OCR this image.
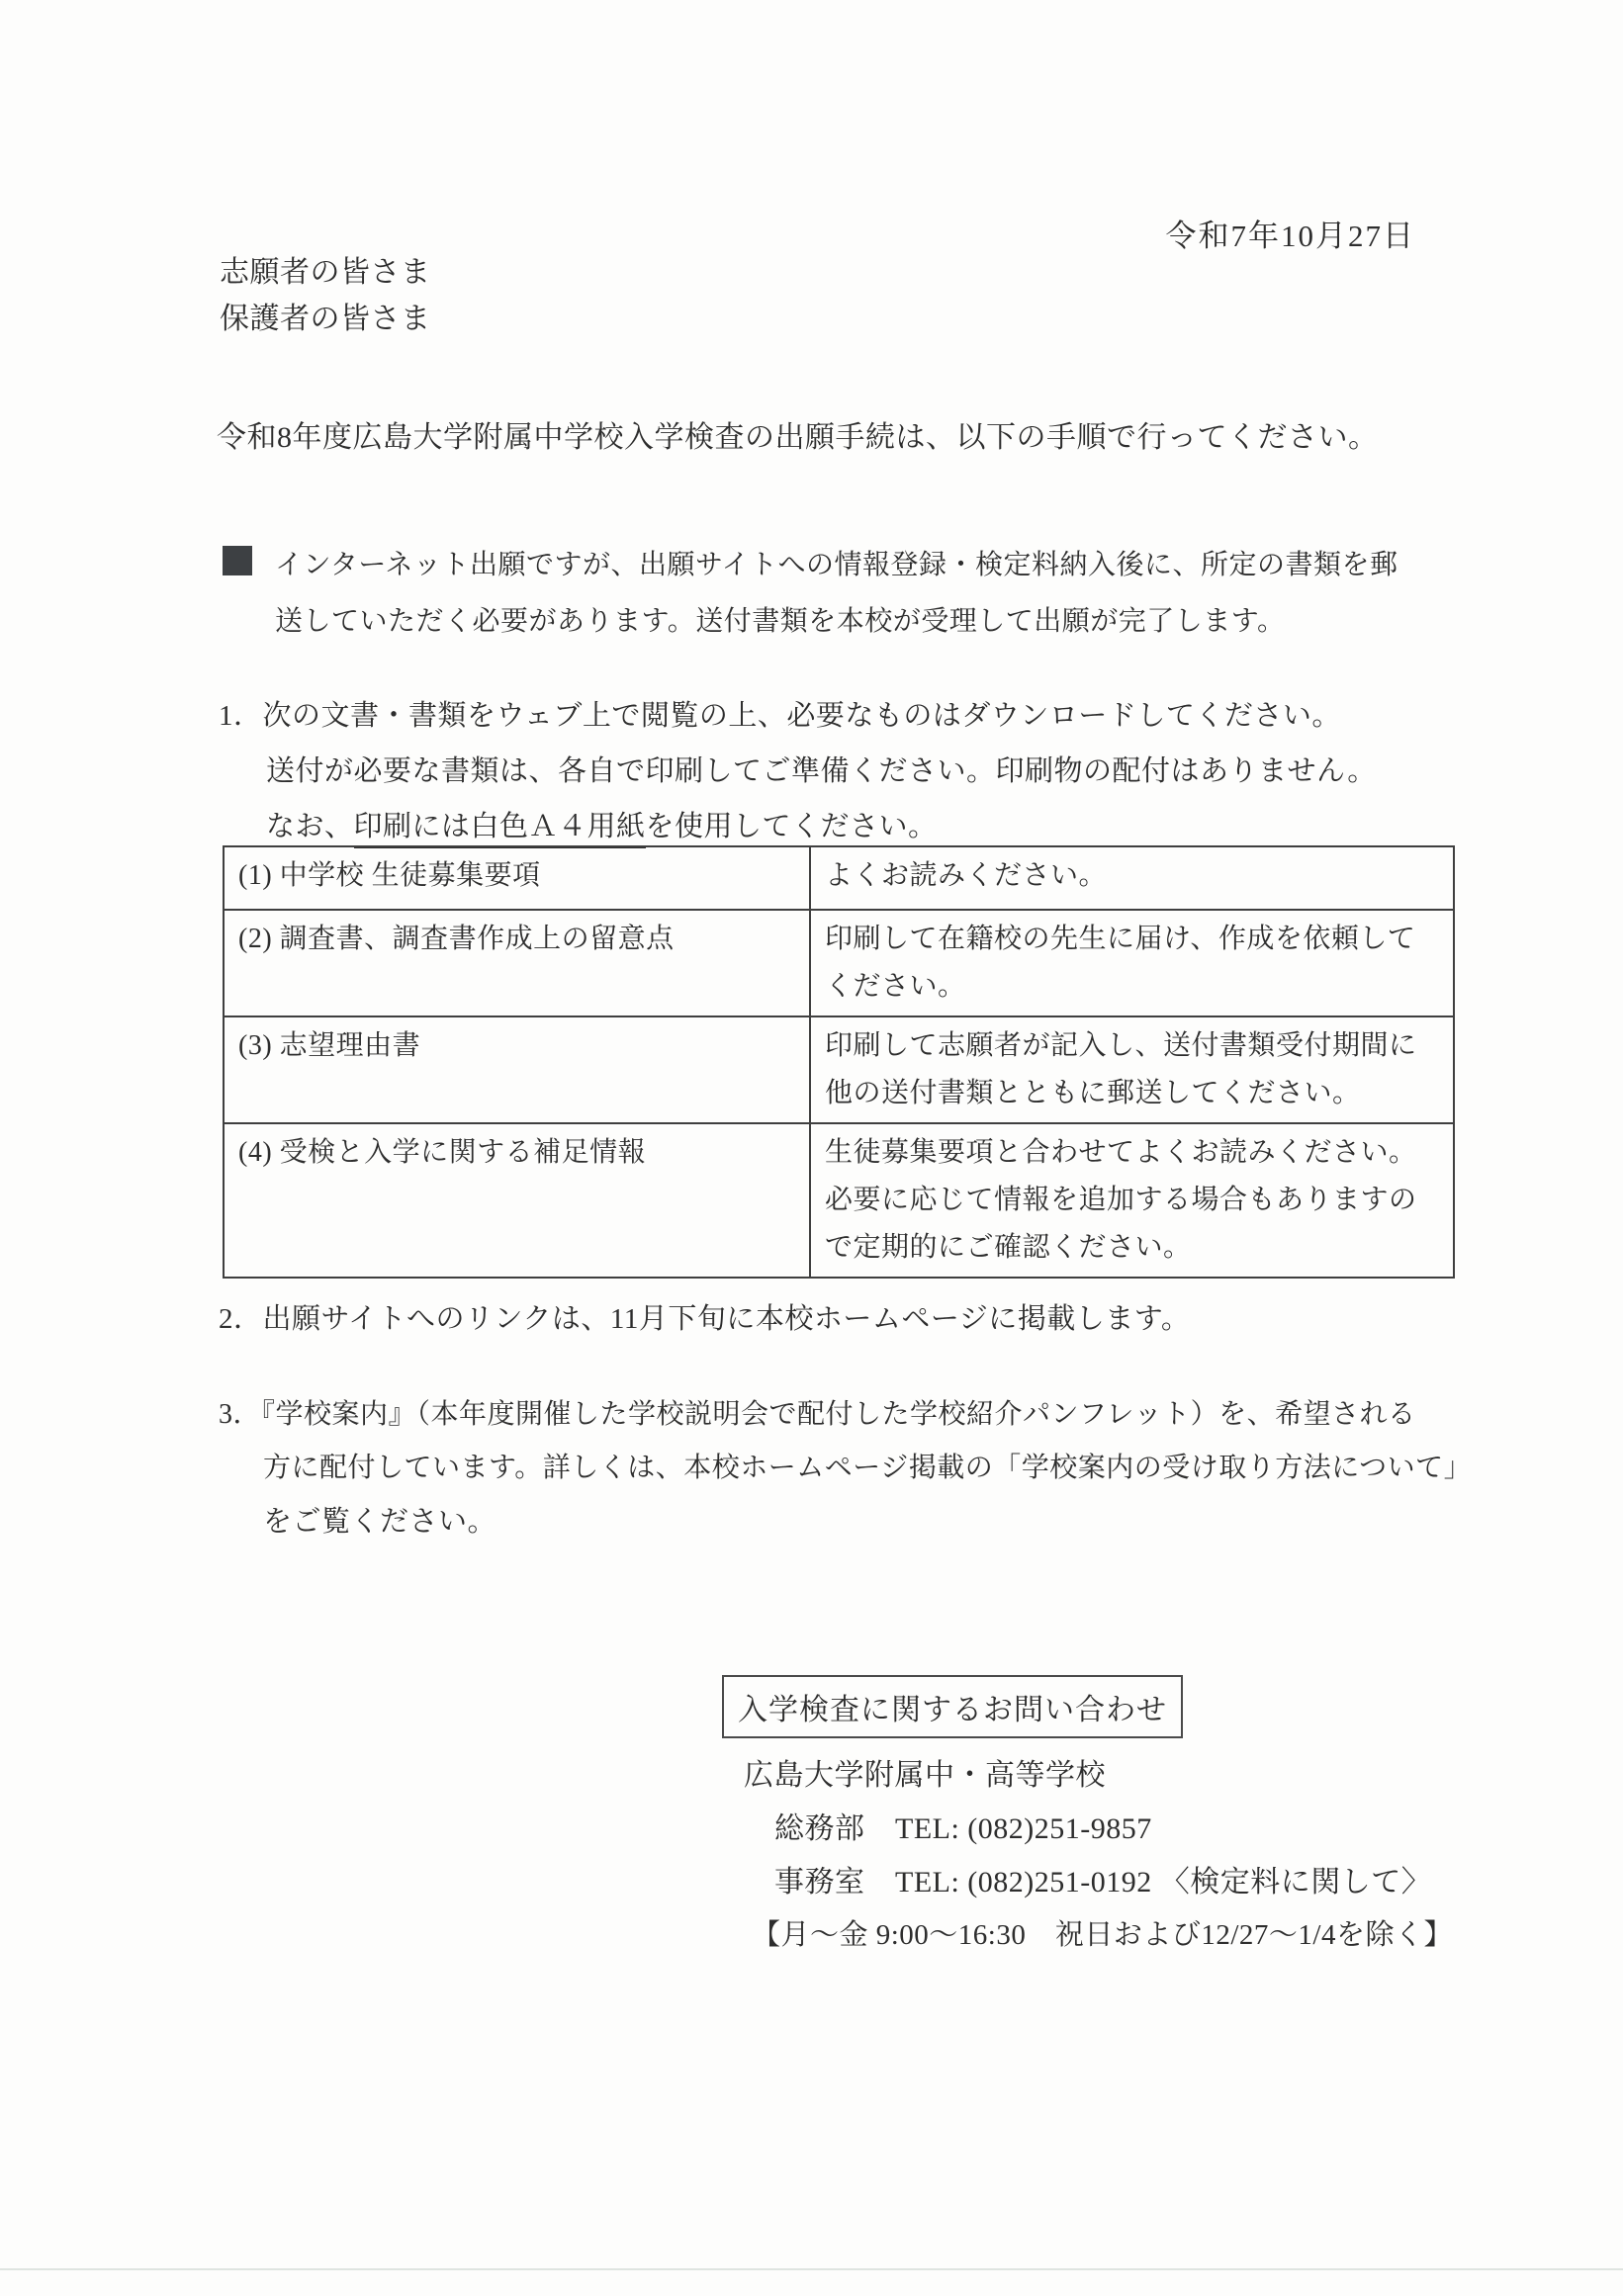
令和7年10月27日
志願者の皆さま
保護者の皆さま
令和8年度広島大学附属中学校入学検査の出願手続は、以下の手順で行ってください。
インターネット出願ですが、出願サイトへの情報登録・検定料納入後に、所定の書類を郵
送していただく必要があります。送付書類を本校が受理して出願が完了します。
1．次の文書・書類をウェブ上で閲覧の上、必要なものはダウンロードしてください。
送付が必要な書類は、各自で印刷してご準備ください。印刷物の配付はありません。
なお、印刷には白色Ａ４用紙を使用してください。
(1) 中学校 生徒募集要項	よくお読みください。
(2) 調査書、調査書作成上の留意点	印刷して在籍校の先生に届け、作成を依頼してください。
(3) 志望理由書	印刷して志願者が記入し、送付書類受付期間に他の送付書類とともに郵送してください。
(4) 受検と入学に関する補足情報	生徒募集要項と合わせてよくお読みください。必要に応じて情報を追加する場合もありますので定期的にご確認ください。
2．出願サイトへのリンクは、11月下旬に本校ホームページに掲載します。
3．『学校案内』（本年度開催した学校説明会で配付した学校紹介パンフレット）を、希望される
方に配付しています。詳しくは、本校ホームページ掲載の「学校案内の受け取り方法について」
をご覧ください。
入学検査に関するお問い合わせ
広島大学附属中・高等学校
総務部　TEL: (082)251-9857
事務室　TEL: (082)251-0192 〈検定料に関して〉
【月～金 9:00～16:30　祝日および12/27～1/4を除く】
